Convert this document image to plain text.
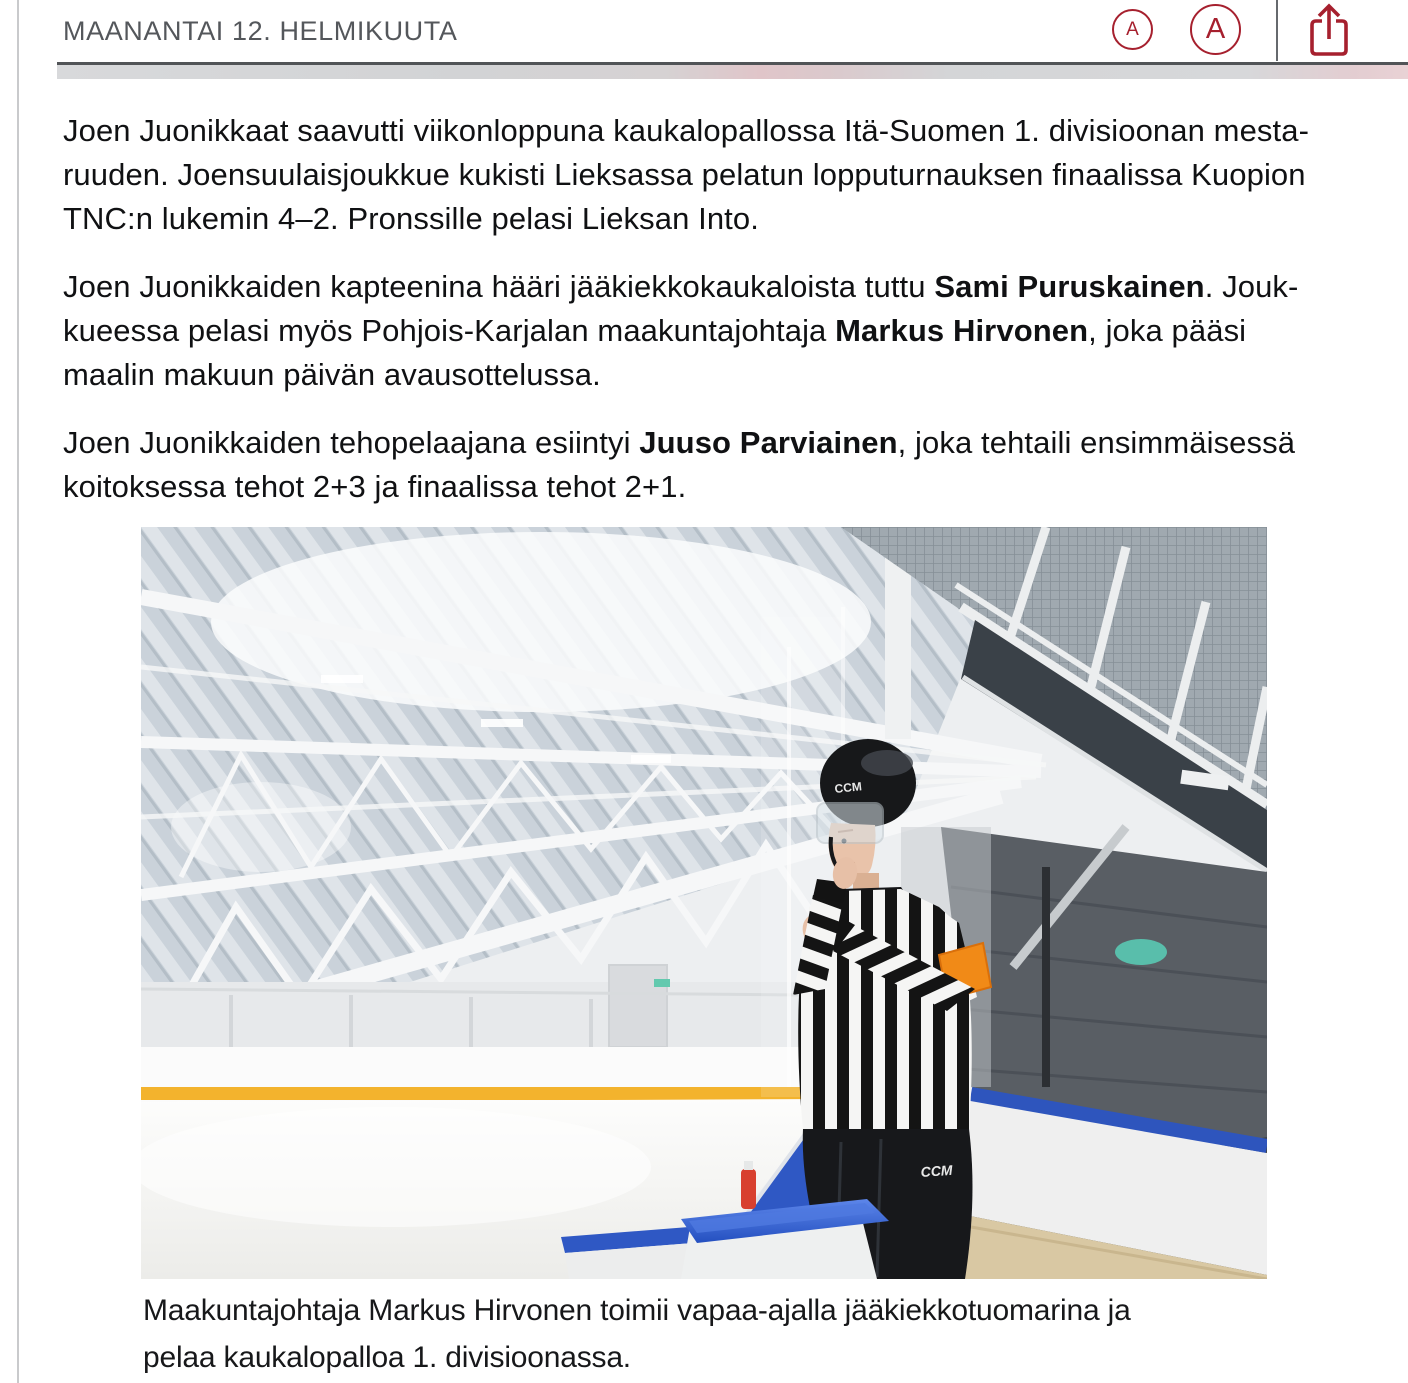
MAANANTAI 12. HELMIKUUTA	A A

Joen Juonikkaat saavutti viikonloppuna kaukalopallossa Itä-Suomen 1. divisioonan mesta-
ruuden. Joensuulaisjoukkue kukisti Lieksassa pelatun lopputurnauksen finaalissa Kuopion
TNC:n lukemin 4–2. Pronssille pelasi Lieksan Into.

Joen Juonikkaiden kapteenina hääri jääkiekkokaukaloista tuttu Sami Puruskainen. Jouk-
kueessa pelasi myös Pohjois-Karjalan maakuntajohtaja Markus Hirvonen, joka pääsi
maalin makuun päivän avausottelussa.

Joen Juonikkaiden tehopelaajana esiintyi Juuso Parviainen, joka tehtaili ensimmäisessä
koitoksessa tehot 2+3 ja finaalissa tehot 2+1.

CCM
CCM
Maakuntajohtaja Markus Hirvonen toimii vapaa-ajalla jääkiekkotuomarina ja
pelaa kaukalopalloa 1. divisioonassa.
